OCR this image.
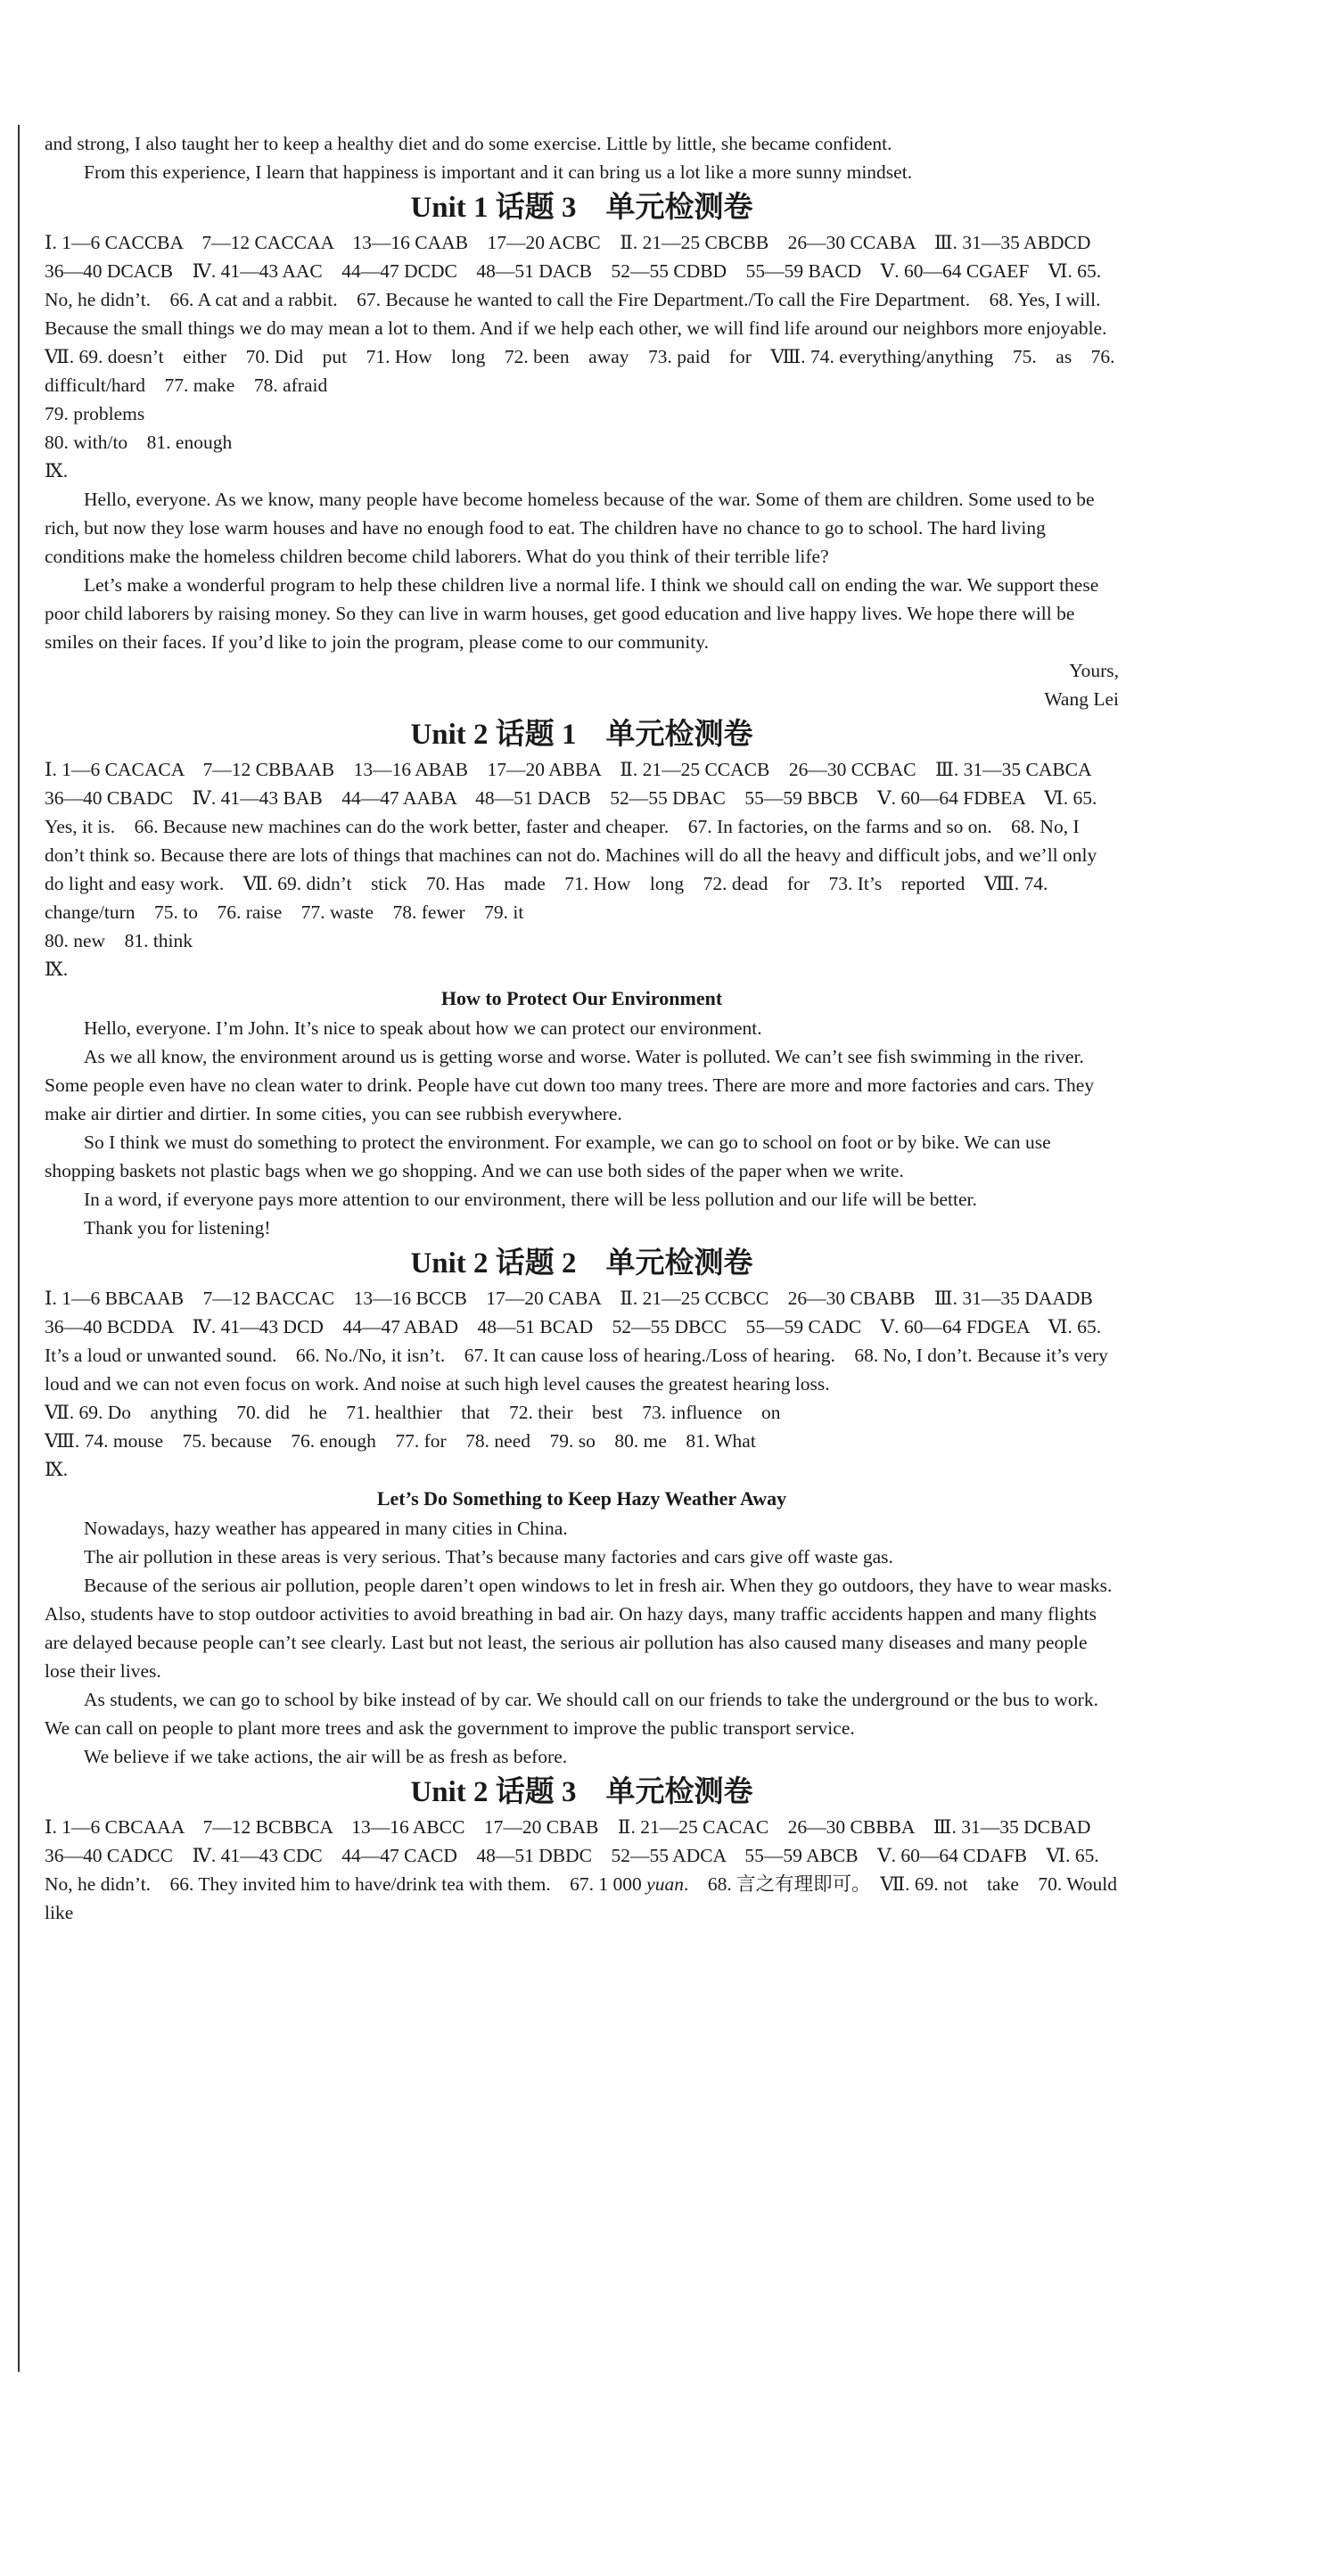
and strong, I also taught her to keep a healthy diet and do some exercise. Little by little, she became confident.

From this experience, I learn that happiness is important and it can bring us a lot like a more sunny mindset.

Unit 1 话题 3　单元检测卷

Ⅰ. 1—6 CACCBA　7—12 CACCAA　13—16 CAAB　17—20 ACBC　Ⅱ. 21—25 CBCBB　26—30 CCABA　Ⅲ. 31—35 ABDCD　36—40 DCACB　Ⅳ. 41—43 AAC　44—47 DCDC　48—51 DACB　52—55 CDBD　55—59 BACD　Ⅴ. 60—64 CGAEF　Ⅵ. 65. No, he didn’t.　66. A cat and a rabbit.　67. Because he wanted to call the Fire Department./To call the Fire Department.　68. Yes, I will. Because the small things we do may mean a lot to them. And if we help each other, we will find life around our neighbors more enjoyable.　Ⅶ. 69. doesn’t　either　70. Did　put　71. How　long　72. been　away　73. paid　for　Ⅷ. 74. everything/anything　75.　as　76. difficult/hard　77. make　78. afraid

79. problems

80. with/to　81. enough

Ⅸ.

Hello, everyone. As we know, many people have become homeless because of the war. Some of them are children. Some used to be rich, but now they lose warm houses and have no enough food to eat. The children have no chance to go to school. The hard living conditions make the homeless children become child laborers. What do you think of their terrible life?

Let’s make a wonderful program to help these children live a normal life. I think we should call on ending the war. We support these poor child laborers by raising money. So they can live in warm houses, get good education and live happy lives. We hope there will be smiles on their faces. If you’d like to join the program, please come to our community.

Yours,

Wang Lei

Unit 2 话题 1　单元检测卷

Ⅰ. 1—6 CACACA　7—12 CBBAAB　13—16 ABAB　17—20 ABBA　Ⅱ. 21—25 CCACB　26—30 CCBAC　Ⅲ. 31—35 CABCA　36—40 CBADC　Ⅳ. 41—43 BAB　44—47 AABA　48—51 DACB　52—55 DBAC　55—59 BBCB　Ⅴ. 60—64 FDBEA　Ⅵ. 65. Yes, it is.　66. Because new machines can do the work better, faster and cheaper.　67. In factories, on the farms and so on.　68. No, I don’t think so. Because there are lots of things that machines can not do. Machines will do all the heavy and difficult jobs, and we’ll only do light and easy work.　Ⅶ. 69. didn’t　stick　70. Has　made　71. How　long　72. dead　for　73. It’s　reported　Ⅷ. 74. change/turn　75. to　76. raise　77. waste　78. fewer　79. it

80. new　81. think

Ⅸ.

How to Protect Our Environment

Hello, everyone. I’m John. It’s nice to speak about how we can protect our environment.

As we all know, the environment around us is getting worse and worse. Water is polluted. We can’t see fish swimming in the river. Some people even have no clean water to drink. People have cut down too many trees. There are more and more factories and cars. They make air dirtier and dirtier. In some cities, you can see rubbish everywhere.

So I think we must do something to protect the environment. For example, we can go to school on foot or by bike. We can use shopping baskets not plastic bags when we go shopping. And we can use both sides of the paper when we write.

In a word, if everyone pays more attention to our environment, there will be less pollution and our life will be better.

Thank you for listening!

Unit 2 话题 2　单元检测卷

Ⅰ. 1—6 BBCAAB　7—12 BACCAC　13—16 BCCB　17—20 CABA　Ⅱ. 21—25 CCBCC　26—30 CBABB　Ⅲ. 31—35 DAADB　36—40 BCDDA　Ⅳ. 41—43 DCD　44—47 ABAD　48—51 BCAD　52—55 DBCC　55—59 CADC　Ⅴ. 60—64 FDGEA　Ⅵ. 65. It’s a loud or unwanted sound.　66. No./No, it isn’t.　67. It can cause loss of hearing./Loss of hearing.　68. No, I don’t. Because it’s very loud and we can not even focus on work. And noise at such high level causes the greatest hearing loss.

Ⅶ. 69. Do　anything　70. did　he　71. healthier　that　72. their　best　73. influence　on

Ⅷ. 74. mouse　75. because　76. enough　77. for　78. need　79. so　80. me　81. What

Ⅸ.

Let’s Do Something to Keep Hazy Weather Away

Nowadays, hazy weather has appeared in many cities in China.

The air pollution in these areas is very serious. That’s because many factories and cars give off waste gas.

Because of the serious air pollution, people daren’t open windows to let in fresh air. When they go outdoors, they have to wear masks. Also, students have to stop outdoor activities to avoid breathing in bad air. On hazy days, many traffic accidents happen and many flights are delayed because people can’t see clearly. Last but not least, the serious air pollution has also caused many diseases and many people lose their lives.

As students, we can go to school by bike instead of by car. We should call on our friends to take the underground or the bus to work. We can call on people to plant more trees and ask the government to improve the public transport service.

We believe if we take actions, the air will be as fresh as before.

Unit 2 话题 3　单元检测卷

Ⅰ. 1—6 CBCAAA　7—12 BCBBCA　13—16 ABCC　17—20 CBAB　Ⅱ. 21—25 CACAC　26—30 CBBBA　Ⅲ. 31—35 DCBAD　36—40 CADCC　Ⅳ. 41—43 CDC　44—47 CACD　48—51 DBDC　52—55 ADCA　55—59 ABCB　Ⅴ. 60—64 CDAFB　Ⅵ. 65. No, he didn’t.　66. They invited him to have/drink tea with them.　67. 1 000 yuan.　68. 言之有理即可。　Ⅶ. 69. not　take　70. Would　like
